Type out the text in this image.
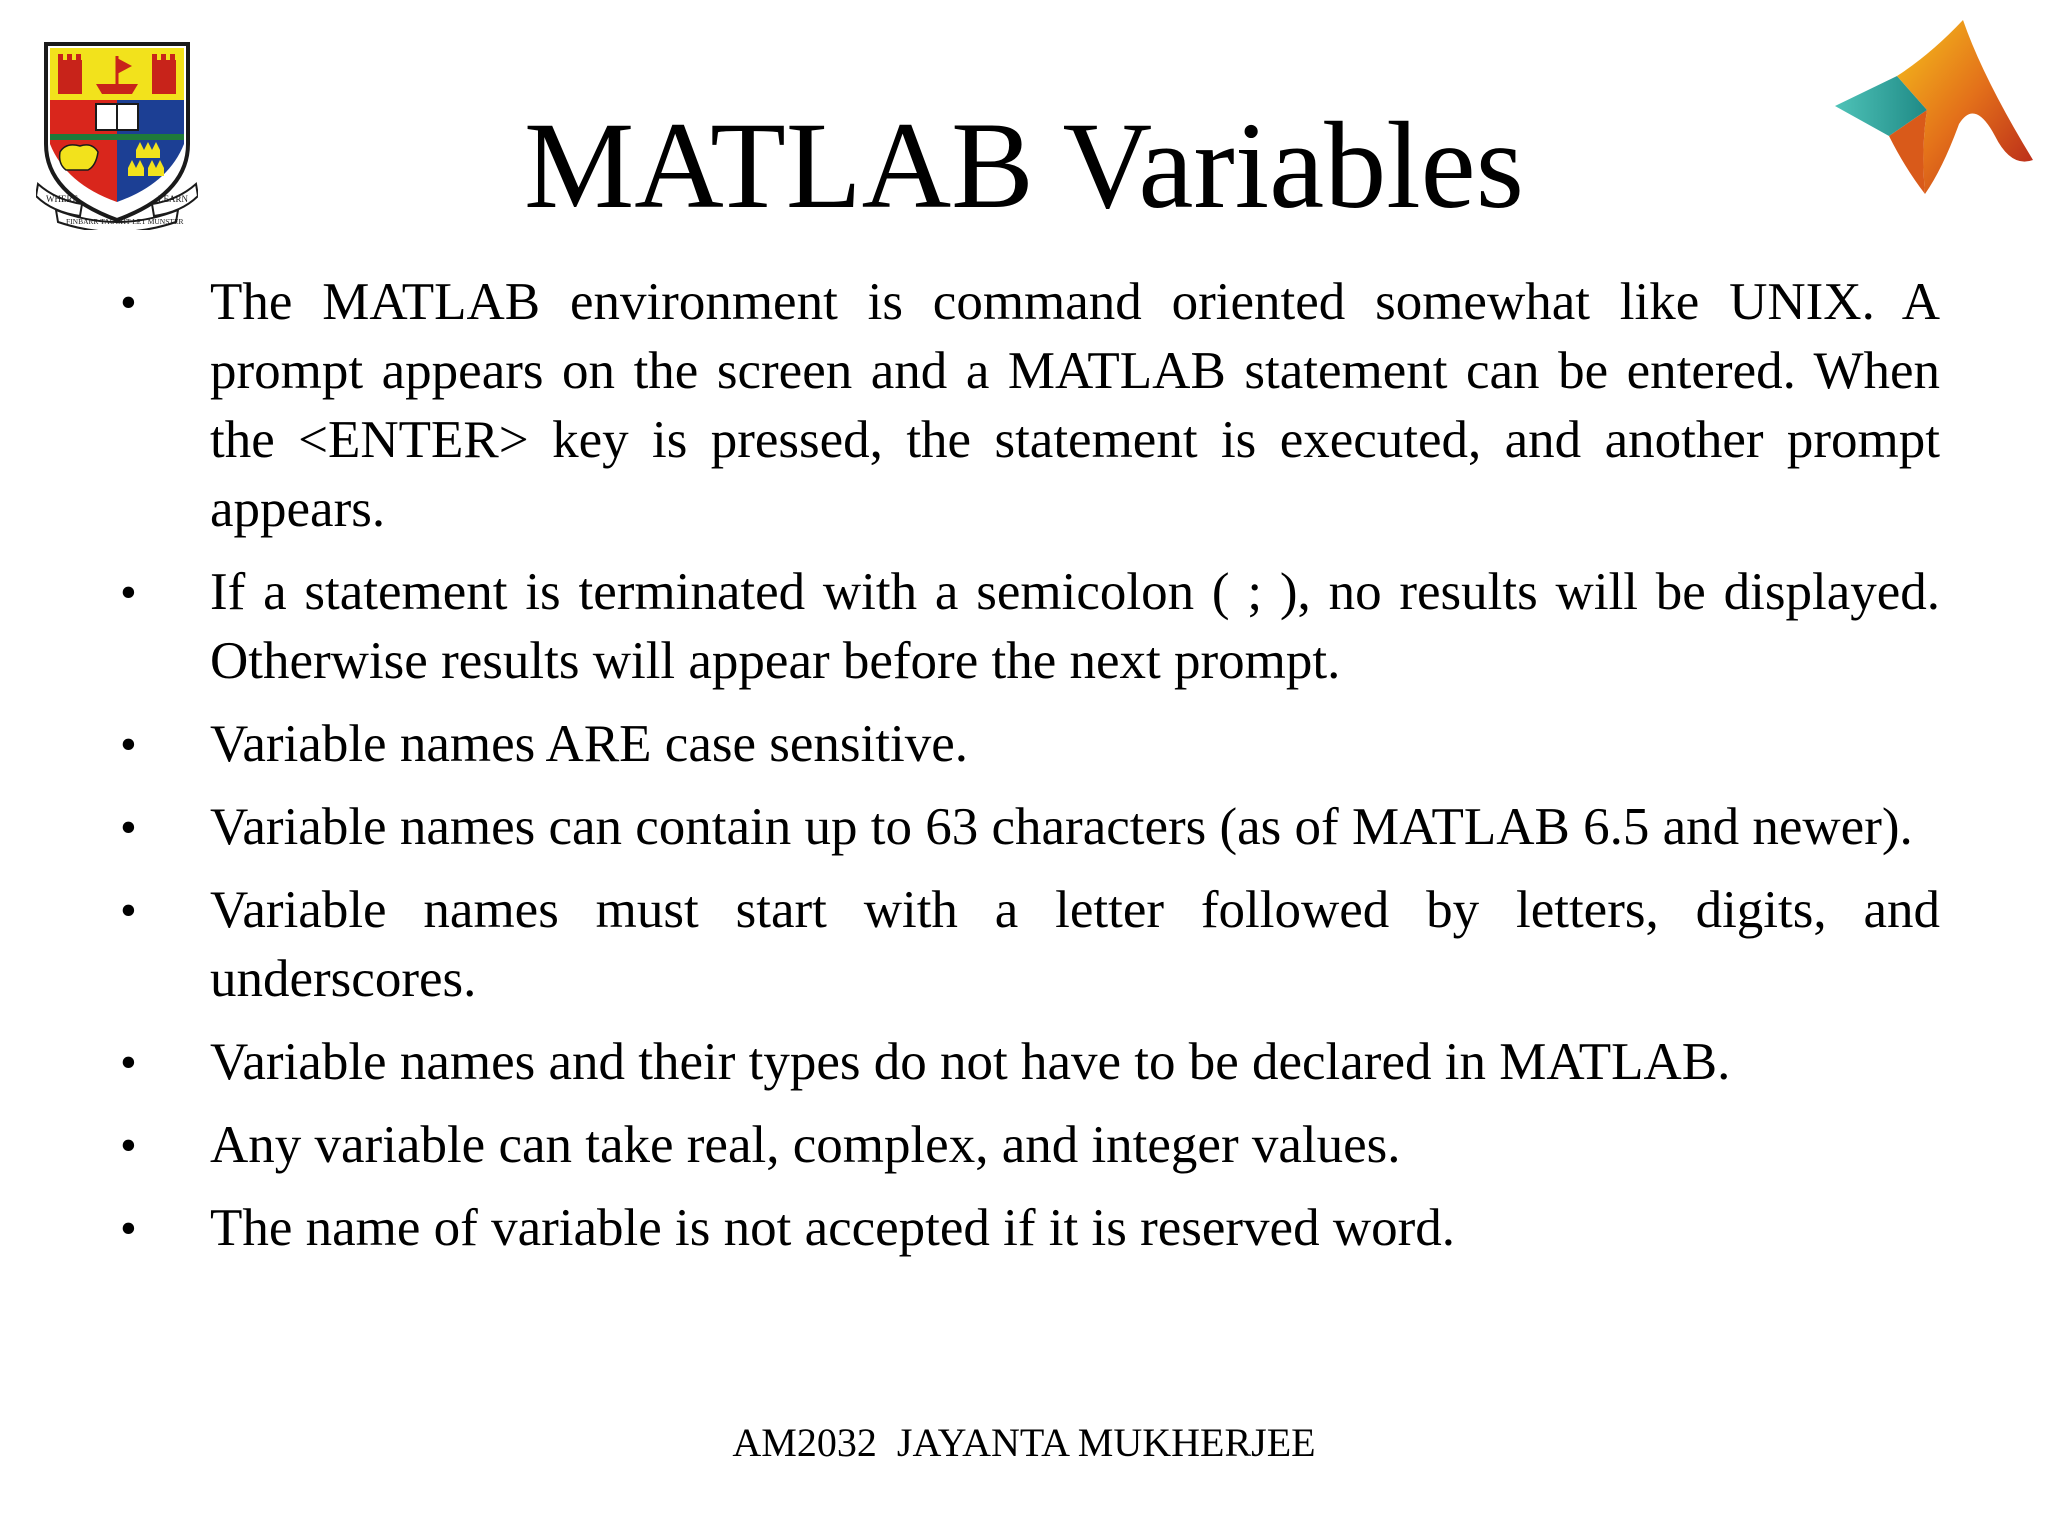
WHERE	LEARN
FINBARR TAUGHT LET MUNSTER	MATLAB Variables
•	The MATLAB environment is command oriented somewhat like UNIX. A prompt appears on the screen and a MATLAB statement can be entered. When the <ENTER> key is pressed, the statement is executed, and another prompt appears.
•	If a statement is terminated with a semicolon ( ; ), no results will be displayed. Otherwise results will appear before the next prompt.
•	Variable names ARE case sensitive.
•	Variable names can contain up to 63 characters (as of MATLAB 6.5 and newer).
•	Variable names must start with a letter followed by letters, digits, and underscores.
•	Variable names and their types do not have to be declared in MATLAB.
•	Any variable can take real, complex, and integer values.
•	The name of variable is not accepted if it is reserved word.
AM2032  JAYANTA MUKHERJEE
